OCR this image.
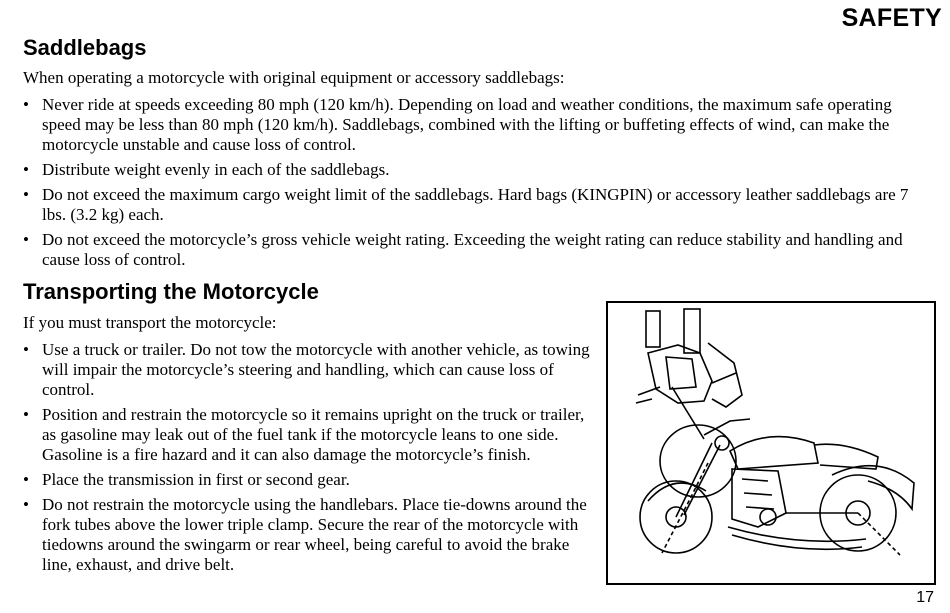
SAFETY
Saddlebags
When operating a motorcycle with original equipment or accessory saddlebags:
• Never ride at speeds exceeding 80 mph (120 km/h). Depending on load and weather conditions, the maximum safe operating speed may be less than 80 mph (120 km/h). Saddlebags, combined with the lifting or buffeting effects of wind, can make the motorcycle unstable and cause loss of control.
• Distribute weight evenly in each of the saddlebags.
• Do not exceed the maximum cargo weight limit of the saddlebags. Hard bags (KINGPIN) or accessory leather saddlebags are 7 lbs. (3.2 kg) each.
• Do not exceed the motorcycle’s gross vehicle weight rating. Exceeding the weight rating can reduce stability and handling and cause loss of control.
Transporting the Motorcycle
If you must transport the motorcycle:
• Use a truck or trailer. Do not tow the motorcycle with another vehicle, as towing will impair the motorcycle’s steering and handling, which can cause loss of control.
• Position and restrain the motorcycle so it remains upright on the truck or trailer, as gasoline may leak out of the fuel tank if the motorcycle leans to one side. Gasoline is a fire hazard and it can also damage the motorcycle’s finish.
• Place the transmission in first or second gear.
• Do not restrain the motorcycle using the handlebars. Place tie-downs around the fork tubes above the lower triple clamp. Secure the rear of the motorcycle with tiedowns around the swingarm or rear wheel, being careful to avoid the brake line, exhaust, and drive belt.
17
